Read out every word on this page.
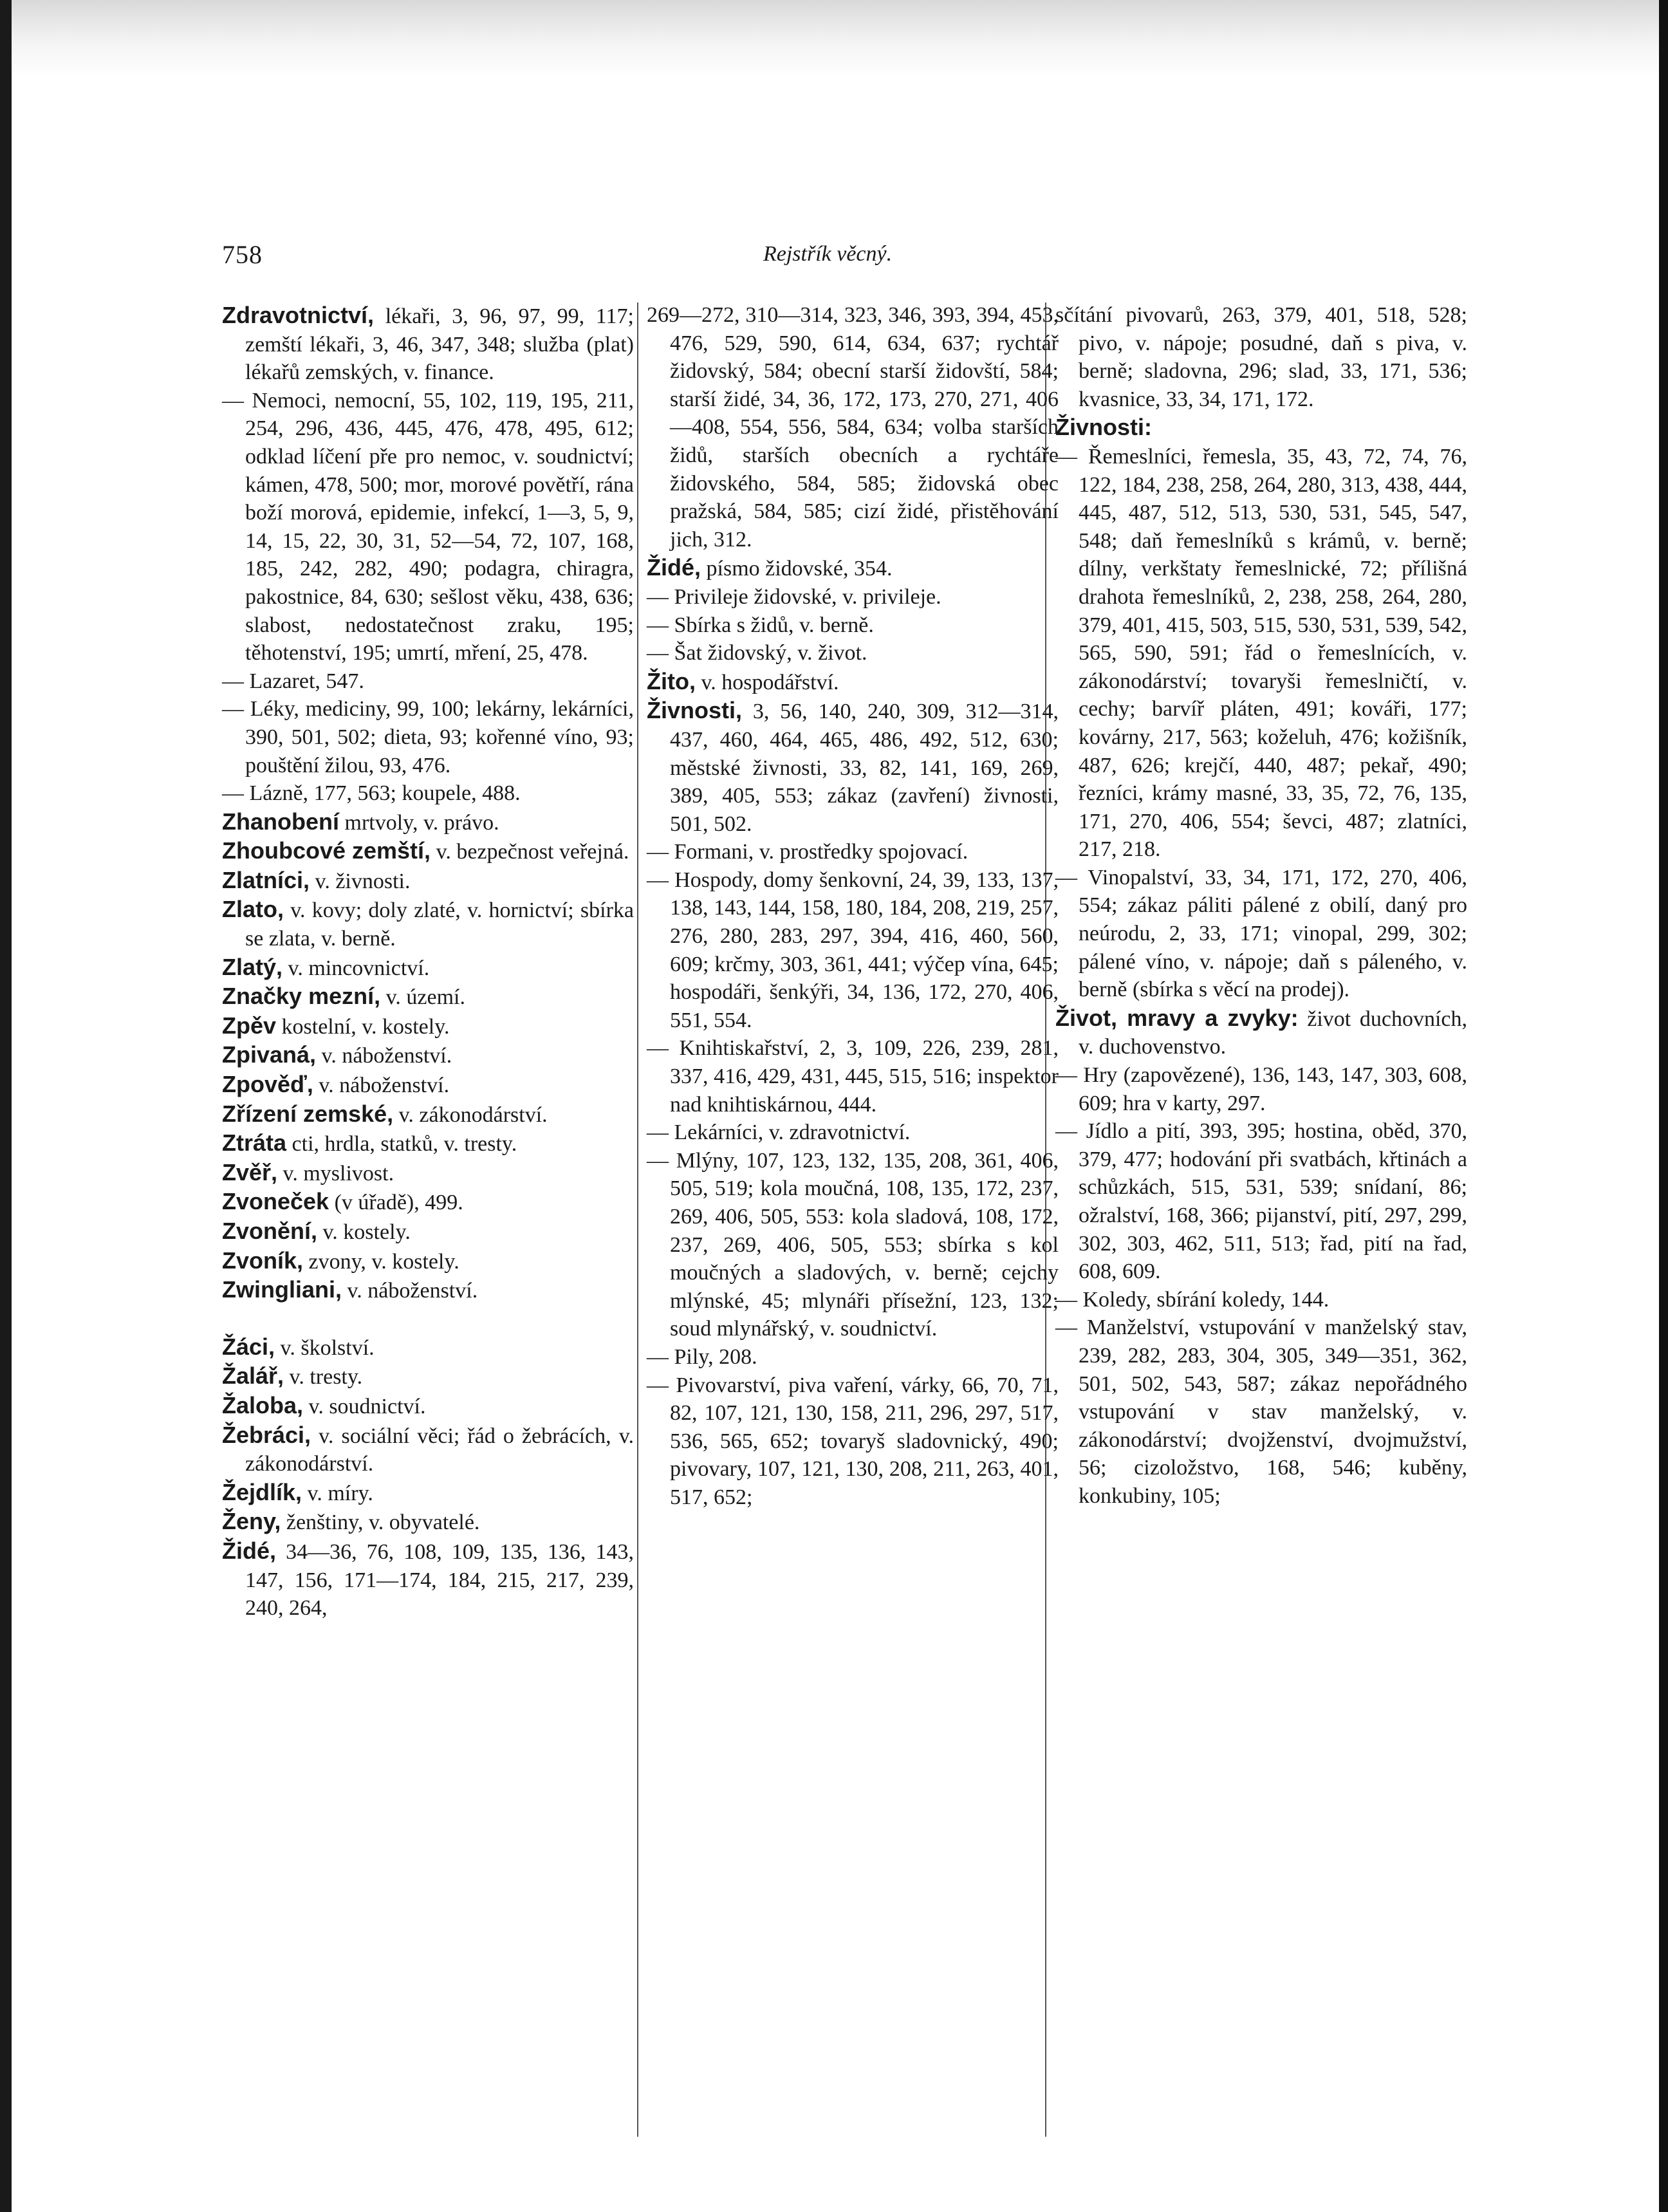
758	Rejstřík věcný.

Zdravotnictví, lékaři, 3, 96, 97, 99, 117; zemští lékaři, 3, 46, 347, 348; služba (plat) lékařů zemských, v. finance.

— Nemoci, nemocní, 55, 102, 119, 195, 211, 254, 296, 436, 445, 476, 478, 495, 612; odklad líčení pře pro nemoc, v. soudnictví; kámen, 478, 500; mor, morové povětří, rána boží morová, epidemie, infekcí, 1—3, 5, 9, 14, 15, 22, 30, 31, 52—54, 72, 107, 168, 185, 242, 282, 490; podagra, chiragra, pakostnice, 84, 630; sešlost věku, 438, 636; slabost, nedostatečnost zraku, 195; těhotenství, 195; umrtí, mření, 25, 478.

— Lazaret, 547.

— Léky, mediciny, 99, 100; lekárny, lekárníci, 390, 501, 502; dieta, 93; kořenné víno, 93; pouštění žilou, 93, 476.

— Lázně, 177, 563; koupele, 488.

Zhanobení mrtvoly, v. právo.

Zhoubcové zemští, v. bezpečnost veřejná.

Zlatníci, v. živnosti.

Zlato, v. kovy; doly zlaté, v. hornictví; sbírka se zlata, v. berně.

Zlatý, v. mincovnictví.

Značky mezní, v. území.

Zpěv kostelní, v. kostely.

Zpivaná, v. náboženství.

Zpověď, v. náboženství.

Zřízení zemské, v. zákonodárství.

Ztráta cti, hrdla, statků, v. tresty.

Zvěř, v. myslivost.

Zvoneček (v úřadě), 499.

Zvonění, v. kostely.

Zvoník, zvony, v. kostely.

Zwingliani, v. náboženství.

Žáci, v. školství.

Žalář, v. tresty.

Žaloba, v. soudnictví.

Žebráci, v. sociální věci; řád o žebrácích, v. zákonodárství.

Žejdlík, v. míry.

Ženy, ženštiny, v. obyvatelé.

Židé, 34—36, 76, 108, 109, 135, 136, 143, 147, 156, 171—174, 184, 215, 217, 239, 240, 264,

269—272, 310—314, 323, 346, 393, 394, 453, 476, 529, 590, 614, 634, 637; rychtář židovský, 584; obecní starší židovští, 584; starší židé, 34, 36, 172, 173, 270, 271, 406—408, 554, 556, 584, 634; volba starších židů, starších obecních a rychtáře židovského, 584, 585; židovská obec pražská, 584, 585; cizí židé, přistěhování jich, 312.

Židé, písmo židovské, 354.

— Privileje židovské, v. privileje.

— Sbírka s židů, v. berně.

— Šat židovský, v. život.

Žito, v. hospodářství.

Živnosti, 3, 56, 140, 240, 309, 312—314, 437, 460, 464, 465, 486, 492, 512, 630; městské živnosti, 33, 82, 141, 169, 269, 389, 405, 553; zákaz (zavření) živnosti, 501, 502.

— Formani, v. prostředky spojovací.

— Hospody, domy šenkovní, 24, 39, 133, 137, 138, 143, 144, 158, 180, 184, 208, 219, 257, 276, 280, 283, 297, 394, 416, 460, 560, 609; krčmy, 303, 361, 441; výčep vína, 645; hospodáři, šenkýři, 34, 136, 172, 270, 406, 551, 554.

— Knihtiskařství, 2, 3, 109, 226, 239, 281, 337, 416, 429, 431, 445, 515, 516; inspektor nad knihtiskárnou, 444.

— Lekárníci, v. zdravotnictví.

— Mlýny, 107, 123, 132, 135, 208, 361, 406, 505, 519; kola moučná, 108, 135, 172, 237, 269, 406, 505, 553: kola sladová, 108, 172, 237, 269, 406, 505, 553; sbírka s kol moučných a sladových, v. berně; cejchy mlýnské, 45; mlynáři přísežní, 123, 132; soud mlynářský, v. soudnictví.

— Pily, 208.

— Pivovarství, piva vaření, várky, 66, 70, 71, 82, 107, 121, 130, 158, 211, 296, 297, 517, 536, 565, 652; tovaryš sladovnický, 490; pivovary, 107, 121, 130, 208, 211, 263, 401, 517, 652;

sčítání pivovarů, 263, 379, 401, 518, 528; pivo, v. nápoje; posudné, daň s piva, v. berně; sladovna, 296; slad, 33, 171, 536; kvasnice, 33, 34, 171, 172.

Živnosti:

— Řemeslníci, řemesla, 35, 43, 72, 74, 76, 122, 184, 238, 258, 264, 280, 313, 438, 444, 445, 487, 512, 513, 530, 531, 545, 547, 548; daň řemeslníků s krámů, v. berně; dílny, verkštaty řemeslnické, 72; přílišná drahota řemeslníků, 2, 238, 258, 264, 280, 379, 401, 415, 503, 515, 530, 531, 539, 542, 565, 590, 591; řád o řemeslnících, v. zákonodárství; tovaryši řemeslničtí, v. cechy; barvíř pláten, 491; kováři, 177; kovárny, 217, 563; koželuh, 476; kožišník, 487, 626; krejčí, 440, 487; pekař, 490; řezníci, krámy masné, 33, 35, 72, 76, 135, 171, 270, 406, 554; ševci, 487; zlatníci, 217, 218.

— Vinopalství, 33, 34, 171, 172, 270, 406, 554; zákaz páliti pálené z obilí, daný pro neúrodu, 2, 33, 171; vinopal, 299, 302; pálené víno, v. nápoje; daň s páleného, v. berně (sbírka s věcí na prodej).

Život, mravy a zvyky: život duchovních, v. duchovenstvo.

— Hry (zapovězené), 136, 143, 147, 303, 608, 609; hra v karty, 297.

— Jídlo a pití, 393, 395; hostina, oběd, 370, 379, 477; hodování při svatbách, křtinách a schůzkách, 515, 531, 539; snídaní, 86; ožralství, 168, 366; pijanství, pití, 297, 299, 302, 303, 462, 511, 513; řad, pití na řad, 608, 609.

— Koledy, sbírání koledy, 144.

— Manželství, vstupování v manželský stav, 239, 282, 283, 304, 305, 349—351, 362, 501, 502, 543, 587; zákaz nepořádného vstupování v stav manželský, v. zákonodárství; dvojženství, dvojmužství, 56; cizoložstvo, 168, 546; kuběny, konkubiny, 105;
